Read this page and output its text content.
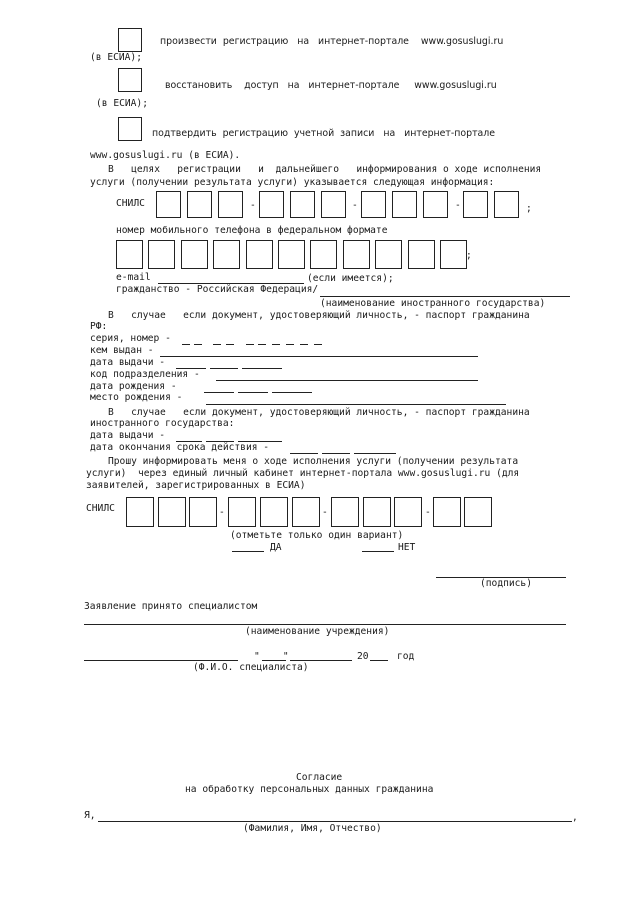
произвести  регистрацию   на   интернет-портале    www.gosuslugi.ru
(в ЕСИА);
восстановить    доступ   на   интернет-портале     www.gosuslugi.ru
(в ЕСИА);
подтвердить  регистрацию  учетной  записи   на   интернет-портале
www.gosuslugi.ru (в ЕСИА).
В   целях   регистрации   и  дальнейшего   информирования о ходе исполнения
услуги (получении результата услуги) указывается следующая информация:
СНИЛС	-	-	-	;
номер мобильного телефона в федеральном формате
;
e-mail	(если имеется);
гражданство - Российская Федерация/
(наименование иностранного государства)
В   случае   если документ, удостоверяющий личность, - паспорт гражданина
РФ:
серия, номер -
кем выдан -
дата выдачи -
код подразделения -
дата рождения -
место рождения -
В   случае   если документ, удостоверяющий личность, - паспорт гражданина
иностранного государства:
дата выдачи -
дата окончания срока действия -
Прошу информировать меня о ходе исполнения услуги (получении результата
услуги)  через единый личный кабинет интернет-портала www.gosuslugi.ru (для
заявителей, зарегистрированных в ЕСИА)
СНИЛС	-	-	-
(отметьте только один вариант)
ДА	НЕТ
(подпись)
Заявление принято специалистом
(наименование учреждения)
"    "	20	год
(Ф.И.О. специалиста)
Согласие
на обработку персональных данных гражданина
Я,	,
(Фамилия, Имя, Отчество)
